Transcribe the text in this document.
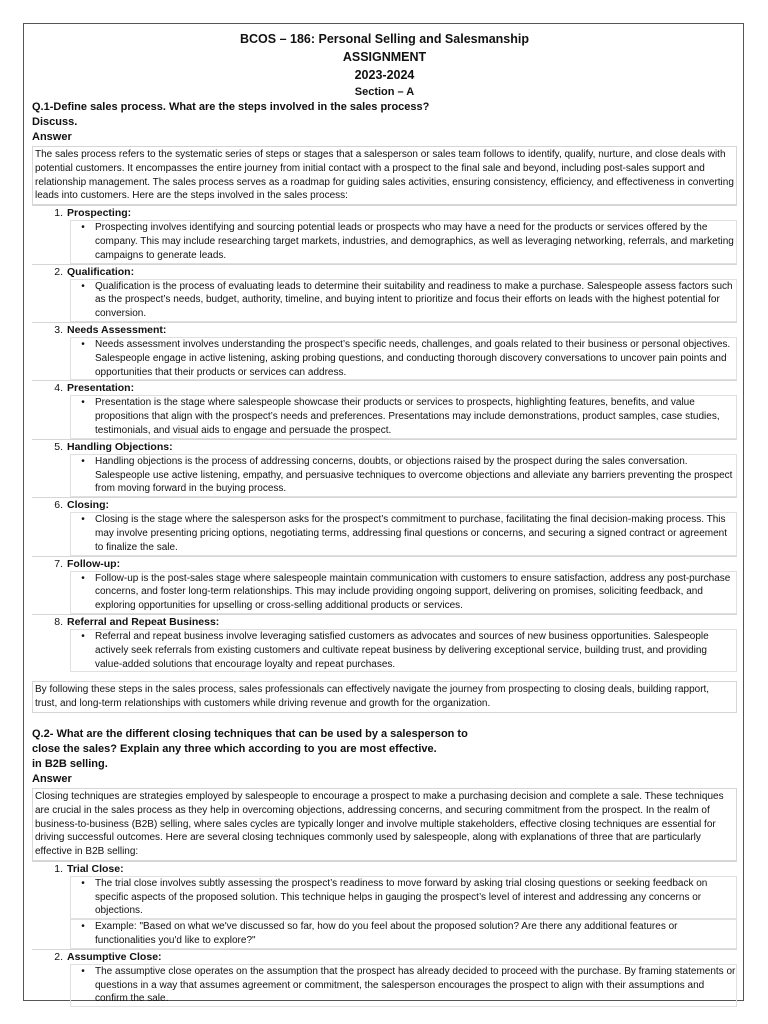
BCOS – 186: Personal Selling and Salesmanship
ASSIGNMENT
2023-2024
Section – A
Q.1-Define sales process. What are the steps involved in the sales process?
Discuss.
Answer
The sales process refers to the systematic series of steps or stages that a salesperson or sales team follows to identify, qualify, nurture, and close deals with potential customers. It encompasses the entire journey from initial contact with a prospect to the final sale and beyond, including post-sales support and relationship management. The sales process serves as a roadmap for guiding sales activities, ensuring consistency, efficiency, and effectiveness in converting leads into customers. Here are the steps involved in the sales process:
1. Prospecting:
•	Prospecting involves identifying and sourcing potential leads or prospects who may have a need for the products or services offered by the company. This may include researching target markets, industries, and demographics, as well as leveraging networking, referrals, and marketing campaigns to generate leads.
2. Qualification:
•	Qualification is the process of evaluating leads to determine their suitability and readiness to make a purchase. Salespeople assess factors such as the prospect’s needs, budget, authority, timeline, and buying intent to prioritize and focus their efforts on leads with the highest potential for conversion.
3. Needs Assessment:
•	Needs assessment involves understanding the prospect’s specific needs, challenges, and goals related to their business or personal objectives. Salespeople engage in active listening, asking probing questions, and conducting thorough discovery conversations to uncover pain points and opportunities that their products or services can address.
4. Presentation:
•	Presentation is the stage where salespeople showcase their products or services to prospects, highlighting features, benefits, and value propositions that align with the prospect’s needs and preferences. Presentations may include demonstrations, product samples, case studies, testimonials, and visual aids to engage and persuade the prospect.
5. Handling Objections:
•	Handling objections is the process of addressing concerns, doubts, or objections raised by the prospect during the sales conversation. Salespeople use active listening, empathy, and persuasive techniques to overcome objections and alleviate any barriers preventing the prospect from moving forward in the buying process.
6. Closing:
•	Closing is the stage where the salesperson asks for the prospect’s commitment to purchase, facilitating the final decision-making process. This may involve presenting pricing options, negotiating terms, addressing final questions or concerns, and securing a signed contract or agreement to finalize the sale.
7. Follow-up:
•	Follow-up is the post-sales stage where salespeople maintain communication with customers to ensure satisfaction, address any post-purchase concerns, and foster long-term relationships. This may include providing ongoing support, delivering on promises, soliciting feedback, and exploring opportunities for upselling or cross-selling additional products or services.
8. Referral and Repeat Business:
•	Referral and repeat business involve leveraging satisfied customers as advocates and sources of new business opportunities. Salespeople actively seek referrals from existing customers and cultivate repeat business by delivering exceptional service, building trust, and providing value-added solutions that encourage loyalty and repeat purchases.
By following these steps in the sales process, sales professionals can effectively navigate the journey from prospecting to closing deals, building rapport, trust, and long-term relationships with customers while driving revenue and growth for the organization.
Q.2- What are the different closing techniques that can be used by a salesperson to
close the sales? Explain any three which according to you are most effective.
in B2B selling.
Answer
Closing techniques are strategies employed by salespeople to encourage a prospect to make a purchasing decision and complete a sale. These techniques are crucial in the sales process as they help in overcoming objections, addressing concerns, and securing commitment from the prospect. In the realm of business-to-business (B2B) selling, where sales cycles are typically longer and involve multiple stakeholders, effective closing techniques are essential for driving successful outcomes. Here are several closing techniques commonly used by salespeople, along with explanations of three that are particularly effective in B2B selling:
1. Trial Close:
•	The trial close involves subtly assessing the prospect’s readiness to move forward by asking trial closing questions or seeking feedback on specific aspects of the proposed solution. This technique helps in gauging the prospect’s level of interest and addressing any concerns or objections.
•	Example: "Based on what we've discussed so far, how do you feel about the proposed solution? Are there any additional features or functionalities you'd like to explore?"
2. Assumptive Close:
•	The assumptive close operates on the assumption that the prospect has already decided to proceed with the purchase. By framing statements or questions in a way that assumes agreement or commitment, the salesperson encourages the prospect to align with their assumptions and confirm the sale.
